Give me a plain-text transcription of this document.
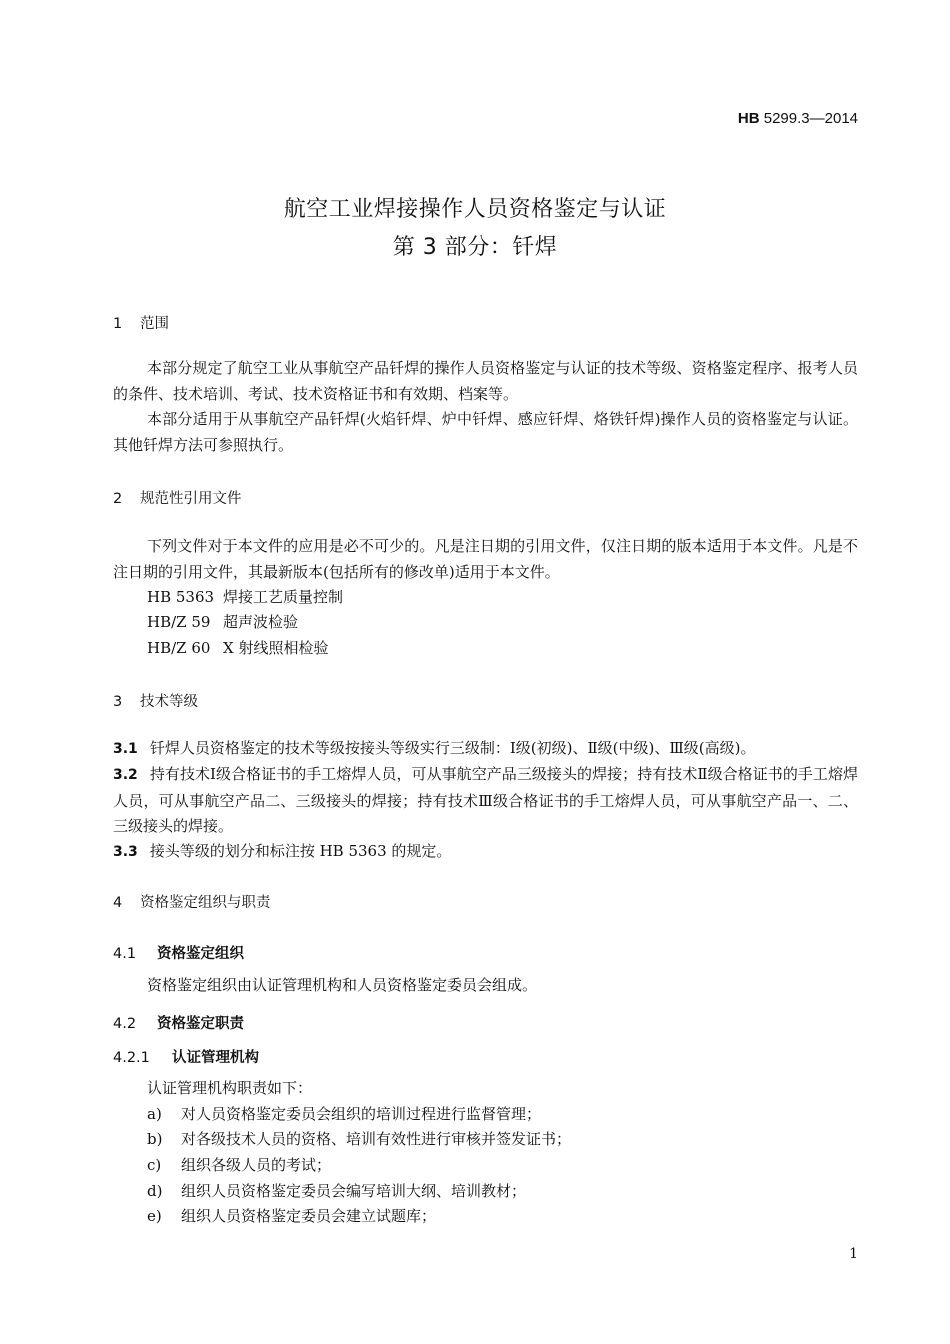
HB 5299.3—2014
航空工业焊接操作人员资格鉴定与认证
第 3 部分：钎焊
1 范围
本部分规定了航空工业从事航空产品钎焊的操作人员资格鉴定与认证的技术等级、资格鉴定程序、报考人员的条件、技术培训、考试、技术资格证书和有效期、档案等。
本部分适用于从事航空产品钎焊(火焰钎焊、炉中钎焊、感应钎焊、烙铁钎焊)操作人员的资格鉴定与认证。其他钎焊方法可参照执行。
2 规范性引用文件
下列文件对于本文件的应用是必不可少的。凡是注日期的引用文件，仅注日期的版本适用于本文件。凡是不注日期的引用文件，其最新版本(包括所有的修改单)适用于本文件。
HB 5363 焊接工艺质量控制
HB/Z 59 超声波检验
HB/Z 60 X 射线照相检验
3 技术等级
3.1 钎焊人员资格鉴定的技术等级按接头等级实行三级制：Ⅰ级(初级)、Ⅱ级(中级)、Ⅲ级(高级)。
3.2 持有技术Ⅰ级合格证书的手工熔焊人员，可从事航空产品三级接头的焊接；持有技术Ⅱ级合格证书的手工熔焊人员，可从事航空产品二、三级接头的焊接；持有技术Ⅲ级合格证书的手工熔焊人员，可从事航空产品一、二、三级接头的焊接。
3.3 接头等级的划分和标注按 HB 5363 的规定。
4 资格鉴定组织与职责
4.1 资格鉴定组织
资格鉴定组织由认证管理机构和人员资格鉴定委员会组成。
4.2 资格鉴定职责
4.2.1 认证管理机构
认证管理机构职责如下：
a) 对人员资格鉴定委员会组织的培训过程进行监督管理；
b) 对各级技术人员的资格、培训有效性进行审核并签发证书；
c) 组织各级人员的考试；
d) 组织人员资格鉴定委员会编写培训大纲、培训教材；
e) 组织人员资格鉴定委员会建立试题库；
1
